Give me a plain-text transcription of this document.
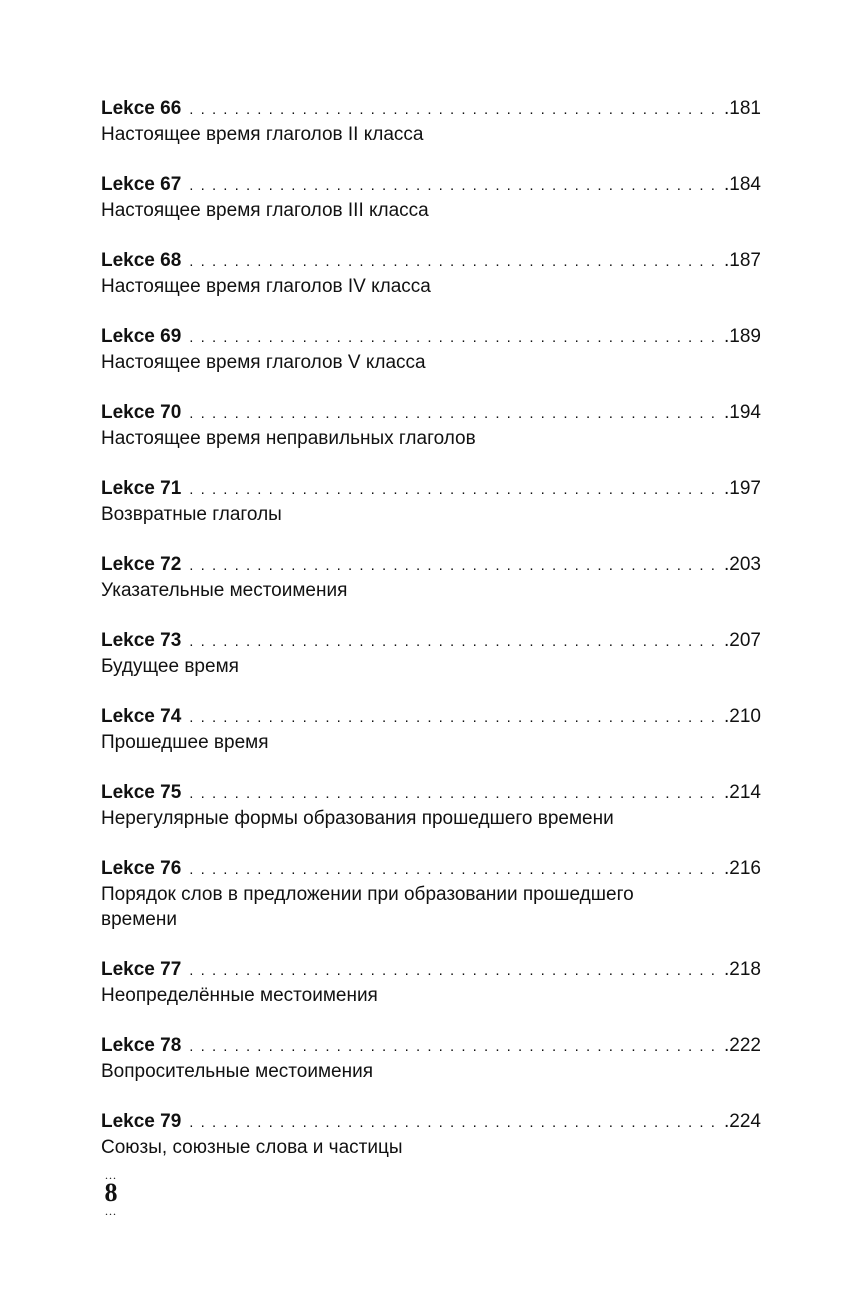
Lekce 66 . . .	.181
Настоящее время глаголов II класса
Lekce 67 . . .	.184
Настоящее время глаголов III класса
Lekce 68 . . .	.187
Настоящее время глаголов IV класса
Lekce 69 . . .	.189
Настоящее время глаголов V класса
Lekce 70 . . .	.194
Настоящее время неправильных глаголов
Lekce 71 . . .	.197
Возвратные глаголы
Lekce 72 . . .	.203
Указательные местоимения
Lekce 73 . . .	.207
Будущее время
Lekce 74 . . .	.210
Прошедшее время
Lekce 75 . . .	.214
Нерегулярные формы образования прошедшего времени
Lekce 76 . . .	.216
Порядок слов в предложении при образовании прошедшего времени
Lekce 77 . . .	.218
Неопределённые местоимения
Lekce 78 . . .	.222
Вопросительные местоимения
Lekce 79 . . .	.224
Союзы, союзные слова и частицы
...
8
...
